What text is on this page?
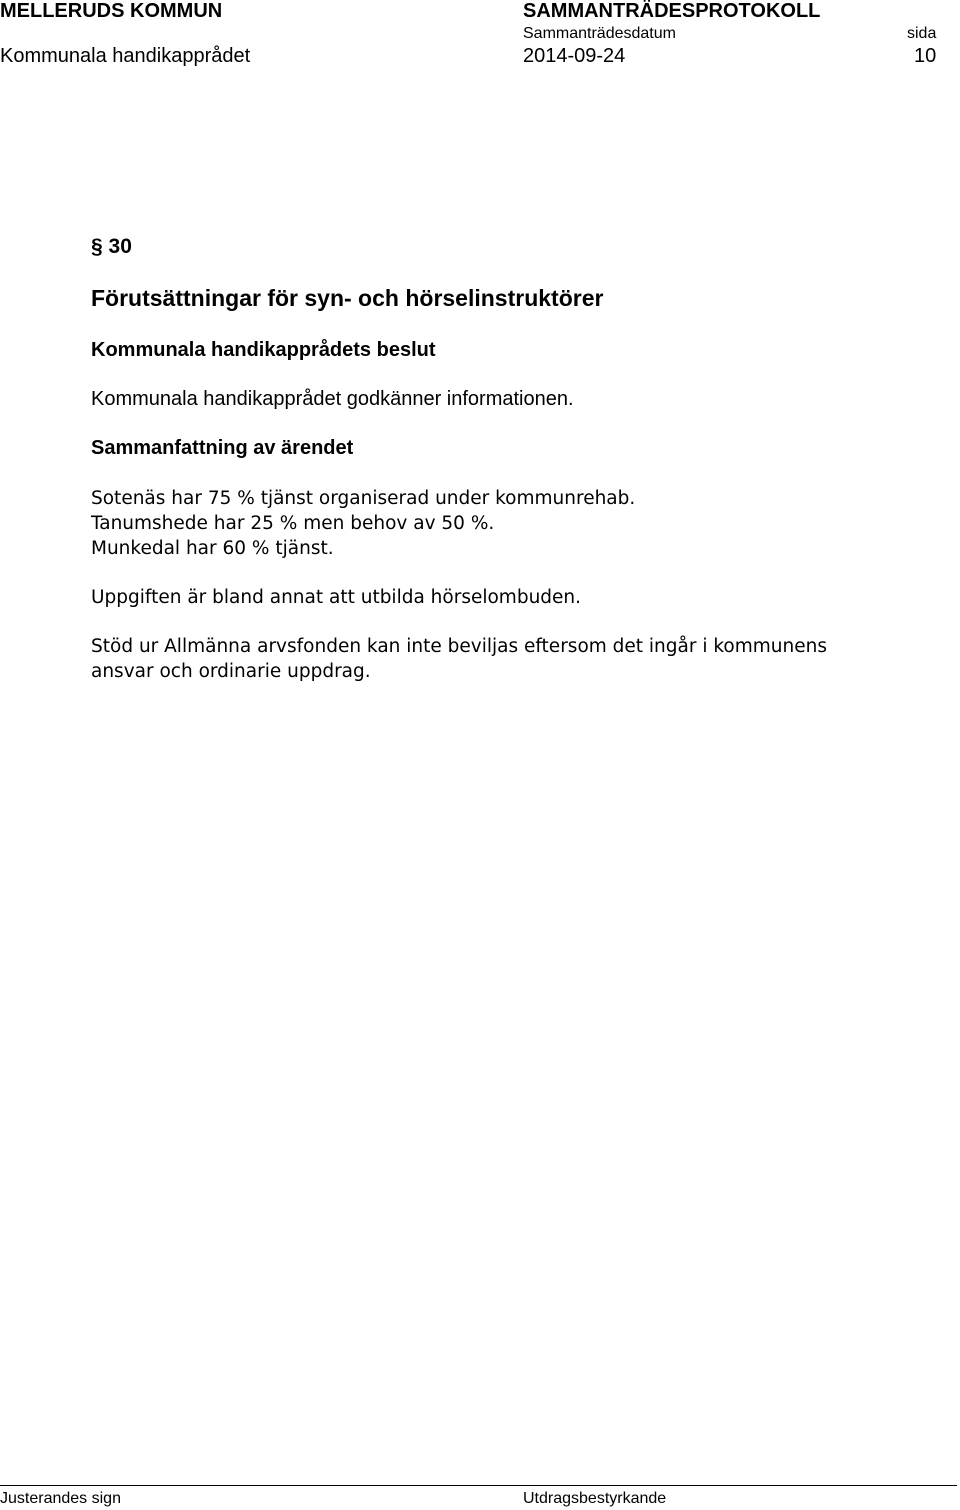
MELLERUDS KOMMUN	SAMMANTRÄDESPROTOKOLL
Sammanträdesdatum	sida
Kommunala handikapprådet	2014-09-24	10
§ 30
Förutsättningar för syn- och hörselinstruktörer
Kommunala handikapprådets beslut
Kommunala handikapprådet godkänner informationen.
Sammanfattning av ärendet
Sotenäs har 75 % tjänst organiserad under kommunrehab.
Tanumshede har 25 % men behov av 50 %.
Munkedal har 60 % tjänst.
Uppgiften är bland annat att utbilda hörselombuden.
Stöd ur Allmänna arvsfonden kan inte beviljas eftersom det ingår i kommunens
ansvar och ordinarie uppdrag.
Justerandes sign	Utdragsbestyrkande
